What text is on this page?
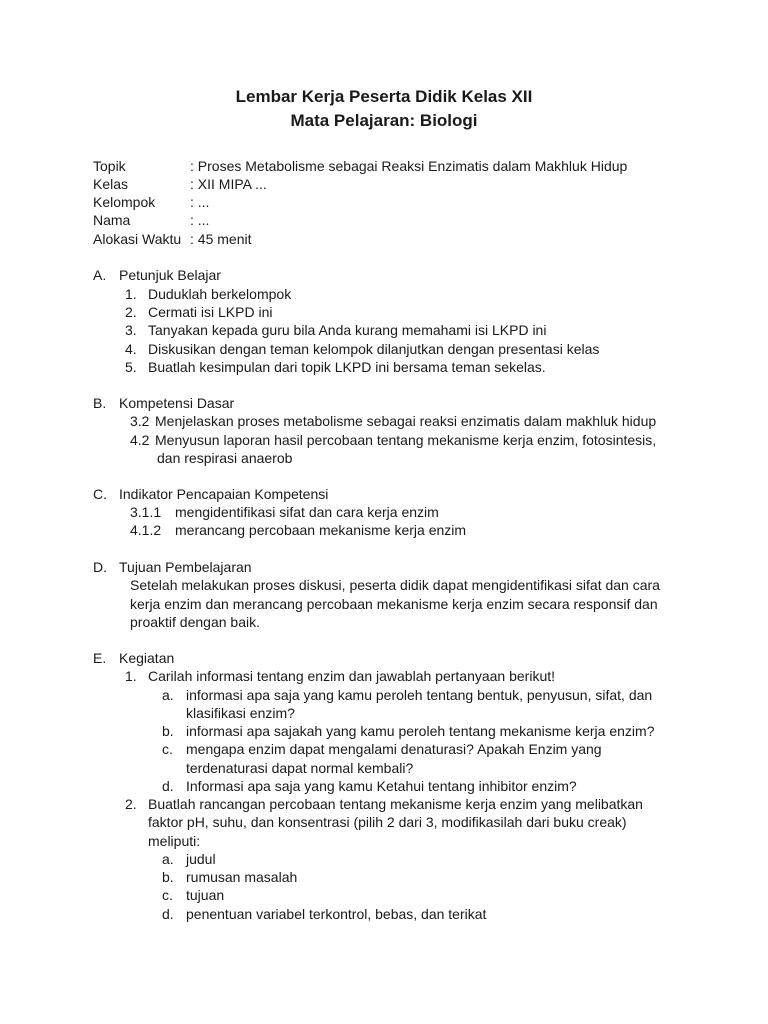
Lembar Kerja Peserta Didik Kelas XII
Mata Pelajaran: Biologi
Topik	: Proses Metabolisme sebagai Reaksi Enzimatis dalam Makhluk Hidup
Kelas	: XII MIPA ...
Kelompok : ...
Nama	: ...
Alokasi Waktu : 45 menit
A. Petunjuk Belajar
1. Duduklah berkelompok
2. Cermati isi LKPD ini
3. Tanyakan kepada guru bila Anda kurang memahami isi LKPD ini
4. Diskusikan dengan teman kelompok dilanjutkan dengan presentasi kelas
5. Buatlah kesimpulan dari topik LKPD ini bersama teman sekelas.
B. Kompetensi Dasar
3.2 Menjelaskan proses metabolisme sebagai reaksi enzimatis dalam makhluk hidup
4.2 Menyusun laporan hasil percobaan tentang mekanisme kerja enzim, fotosintesis,
dan respirasi anaerob
C. Indikator Pencapaian Kompetensi
3.1.1 mengidentifikasi sifat dan cara kerja enzim
4.1.2 merancang percobaan mekanisme kerja enzim
D. Tujuan Pembelajaran
Setelah melakukan proses diskusi, peserta didik dapat mengidentifikasi sifat dan cara
kerja enzim dan merancang percobaan mekanisme kerja enzim secara responsif dan
proaktif dengan baik.
E. Kegiatan
1. Carilah informasi tentang enzim dan jawablah pertanyaan berikut!
a. informasi apa saja yang kamu peroleh tentang bentuk, penyusun, sifat, dan
klasifikasi enzim?
b. informasi apa sajakah yang kamu peroleh tentang mekanisme kerja enzim?
c. mengapa enzim dapat mengalami denaturasi? Apakah Enzim yang
terdenaturasi dapat normal kembali?
d. Informasi apa saja yang kamu Ketahui tentang inhibitor enzim?
2. Buatlah rancangan percobaan tentang mekanisme kerja enzim yang melibatkan
faktor pH, suhu, dan konsentrasi (pilih 2 dari 3, modifikasilah dari buku creak)
meliputi:
a. judul
b. rumusan masalah
c. tujuan
d. penentuan variabel terkontrol, bebas, dan terikat
